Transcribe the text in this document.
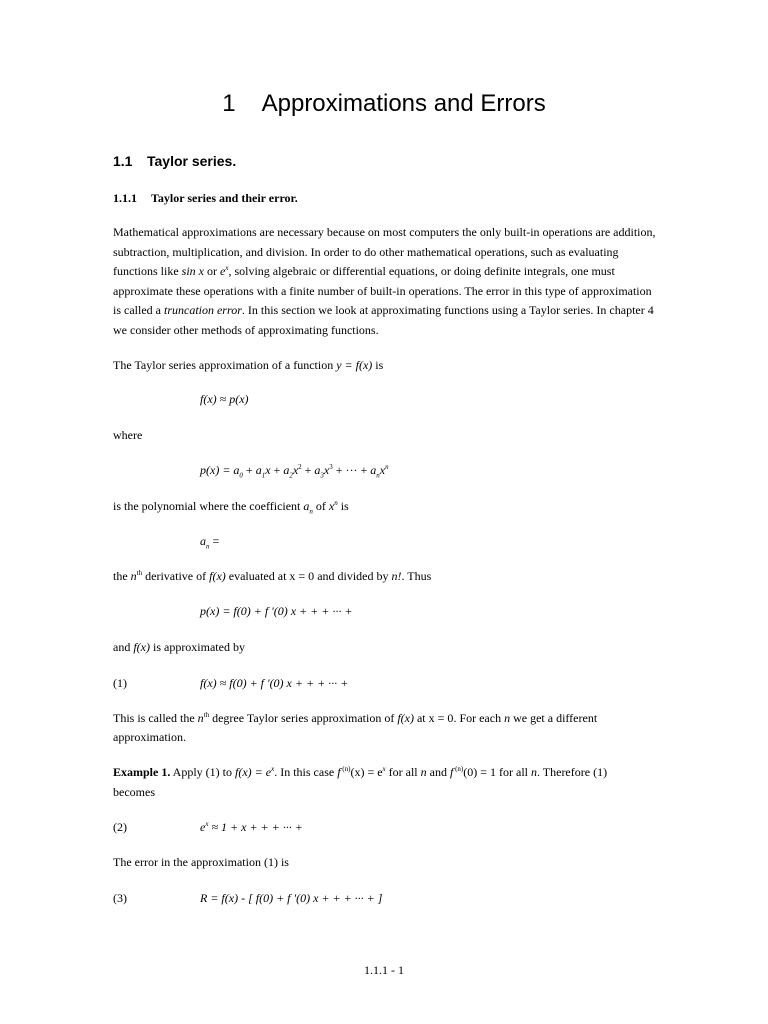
1 Approximations and Errors
1.1 Taylor series.
1.1.1 Taylor series and their error.
Mathematical approximations are necessary because on most computers the only built-in operations are addition, subtraction, multiplication, and division. In order to do other mathematical operations, such as evaluating functions like sin x or $e^x$, solving algebraic or differential equations, or doing definite integrals, one must approximate these operations with a finite number of built-in operations. The error in this type of approximation is called a truncation error. In this section we look at approximating functions using a Taylor series. In chapter 4 we consider other methods of approximating functions.
The Taylor series approximation of a function y = f(x) is
f(x) ≈ p(x)
where
$p(x) = a_0 + a_1x + a_2x^2 + a_3x^3$ + ··· + $a_nx^n$
is the polynomial where the coefficient $a_n$ of $x^n$ is
$a_n$ =
the $n^{th}$ derivative of f(x) evaluated at x = 0 and divided by n!. Thus
p(x) = f(0) + f '(0) x + + + ··· +
and f(x) is approximated by
(1)	f(x) ≈ f(0) + f '(0) x + + + ··· +
This is called the $n^{th}$ degree Taylor series approximation of f(x) at x = 0. For each n we get a different
approximation.
Example 1. Apply (1) to $f(x) = e^x$. In this case f $^{(n)}(x) = e^x$ for all n and f $^{(n)}$(0) = 1 for all n. Therefore (1)
becomes
(2)	$e^x \approx 1 + x$ + + + ··· +
The error in the approximation (1) is
(3)	R = f(x) - [ f(0) + f '(0) x + + + ··· + ]
1.1.1 - 1
